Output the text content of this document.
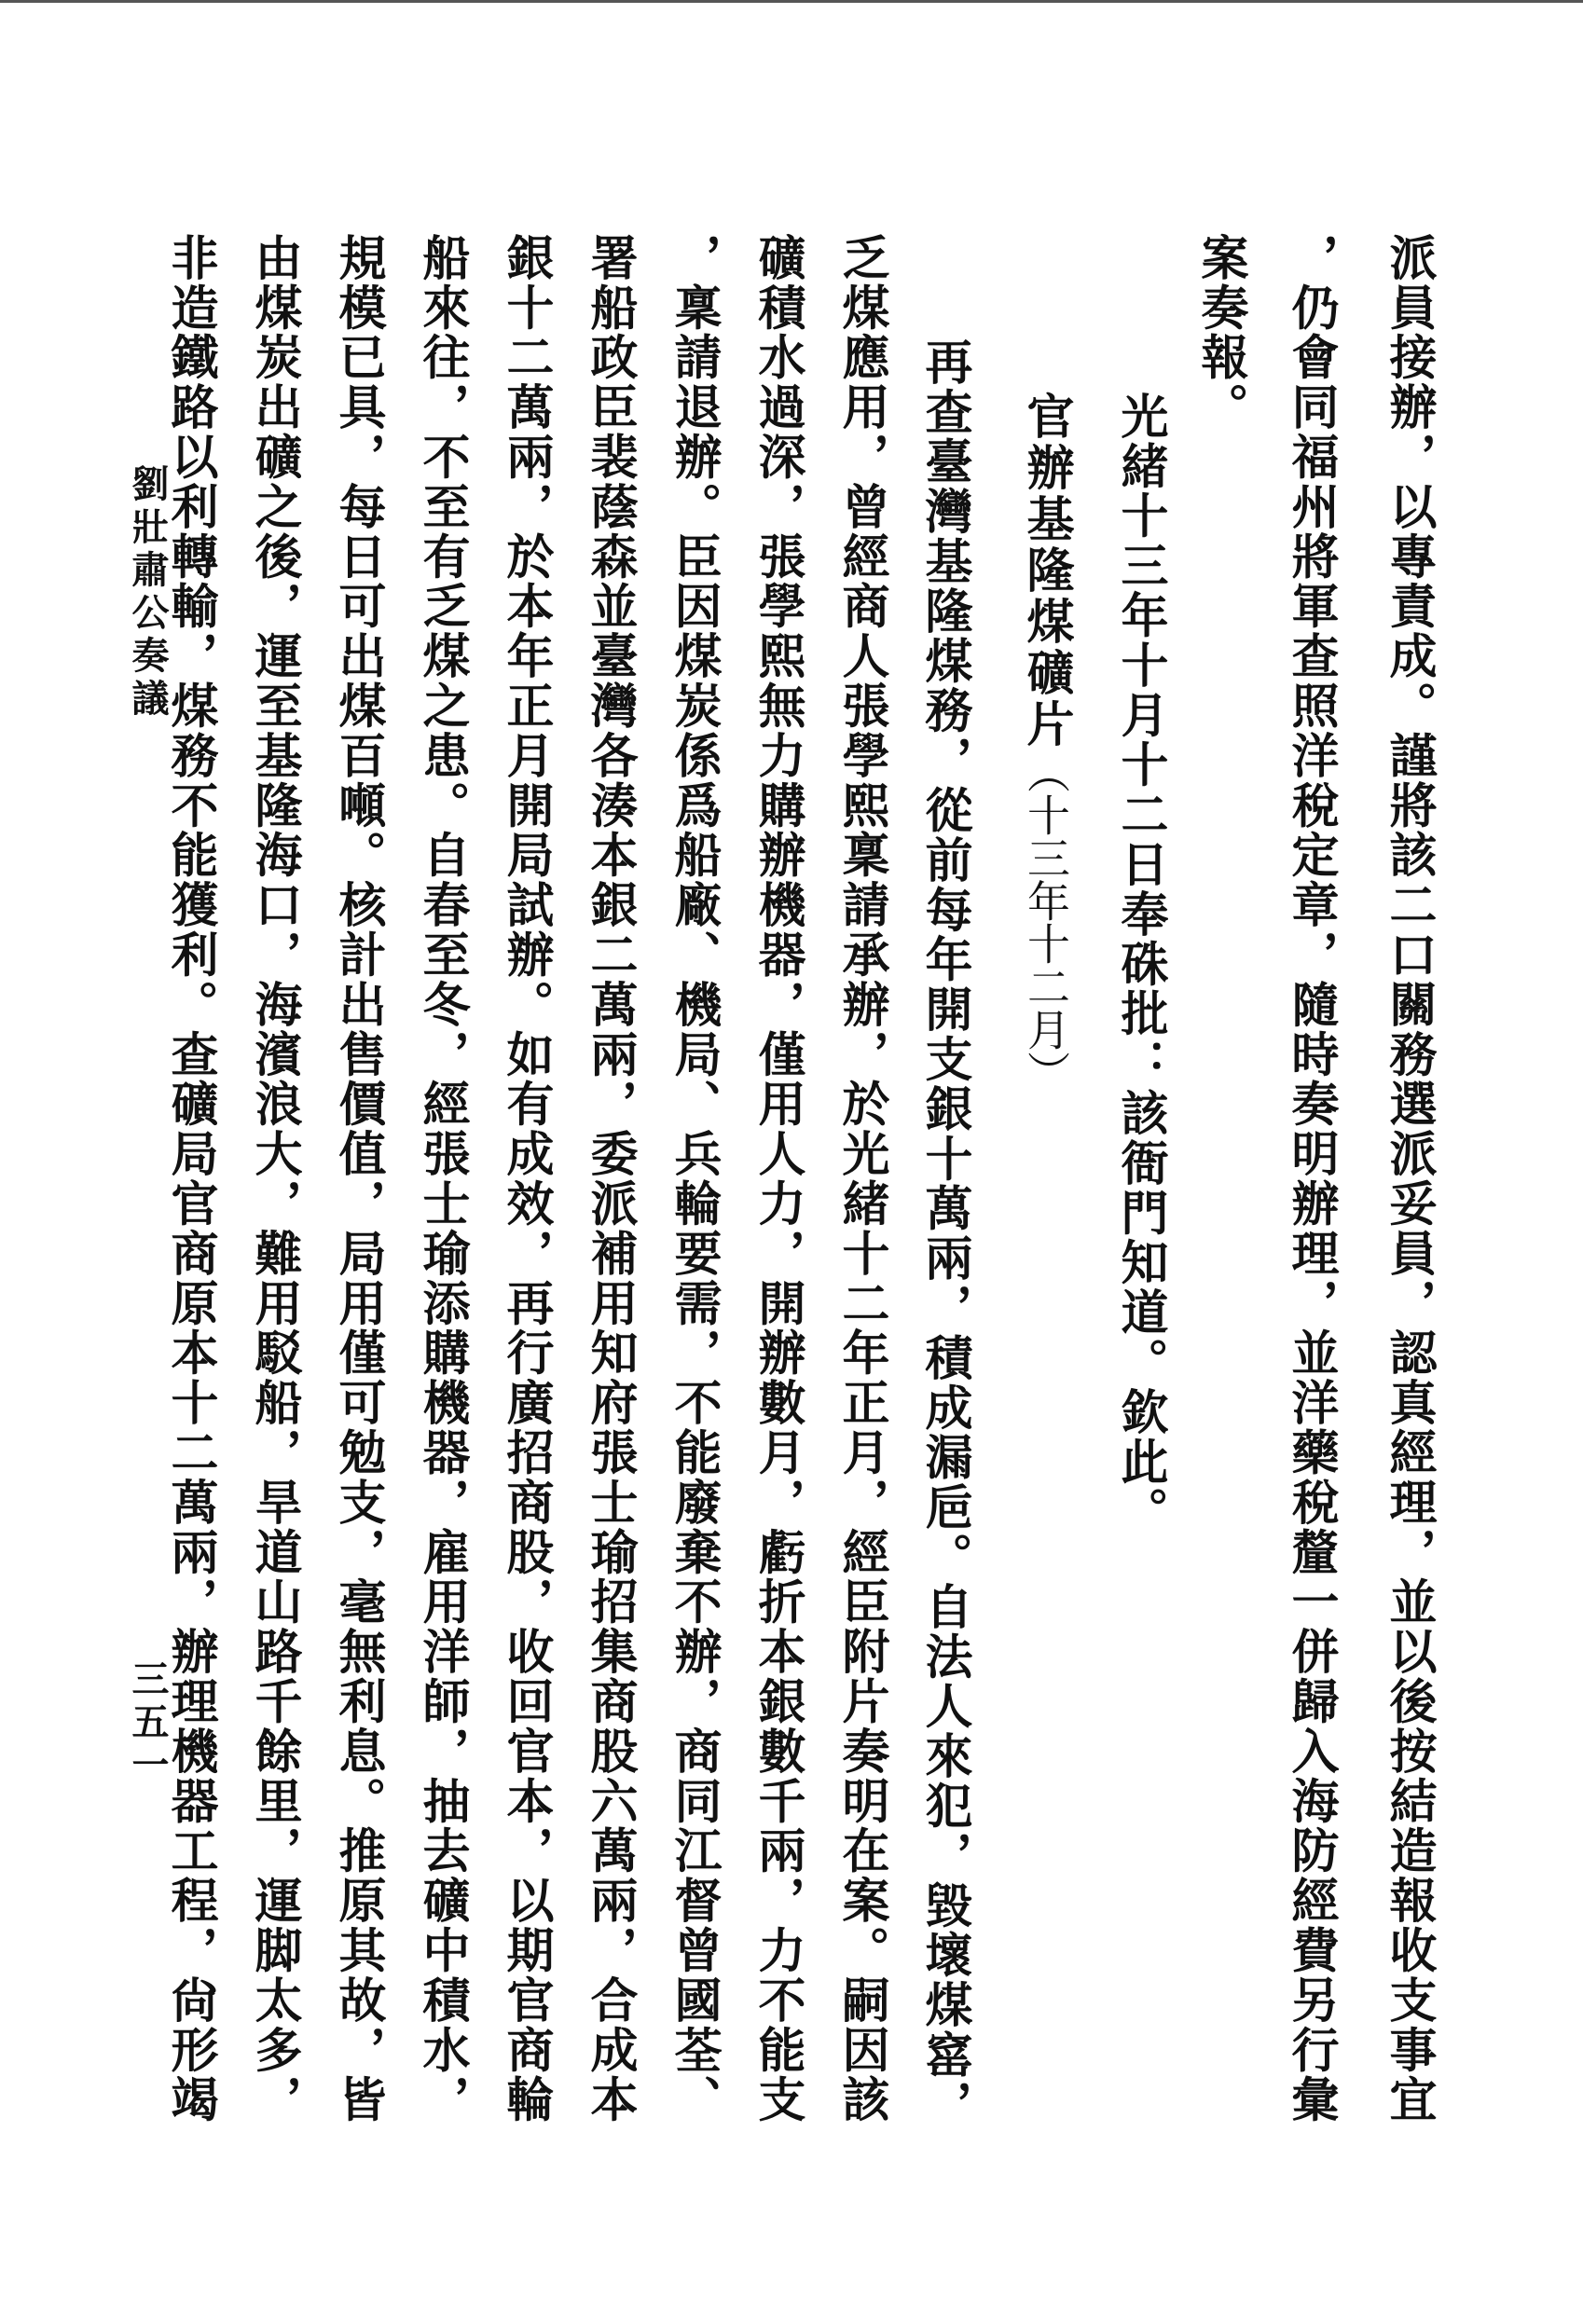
派員接辦，以專責成。謹將該二口關務選派妥員，認真經理，並以後按結造報收支事宜
，仍會同福州將軍查照洋稅定章，隨時奏明辦理，並洋藥稅釐一併歸入海防經費另行彙
案奏報。
光緒十三年十月十二日奉硃批：該衙門知道。欽此。
官辦基隆煤礦片（十三年十二月）
再查臺灣基隆煤務，從前每年開支銀十萬兩，積成漏巵。自法人來犯，毀壞煤窰，
乏煤應用，曾經商人張學熙稟請承辦，於光緒十二年正月，經臣附片奏明在案。嗣因該
礦積水過深，張學熙無力購辦機器，僅用人力，開辦數月，虧折本銀數千兩，力不能支
，稟請退辦。臣因煤炭係爲船廠、機局、兵輪要需，不能廢棄不辦，商同江督曾國荃、
署船政臣裴蔭森並臺灣各湊本銀二萬兩，委派補用知府張士瑜招集商股六萬兩，合成本
銀十二萬兩，於本年正月開局試辦。如有成效，再行廣招商股，收回官本，以期官商輪
船來往，不至有乏煤之患。自春至冬，經張士瑜添購機器，雇用洋師，抽去礦中積水，
規模已具，每日可出煤百噸。核計出售價值，局用僅可勉支，毫無利息。推原其故，皆
由煤炭出礦之後，運至基隆海口，海濱浪大，難用駁船，旱道山路千餘里，運脚太多，
非造鐵路以利轉輸，煤務不能獲利。查礦局官商原本十二萬兩，辦理機器工程，尙形竭
劉壯肅公奏議
三五一
